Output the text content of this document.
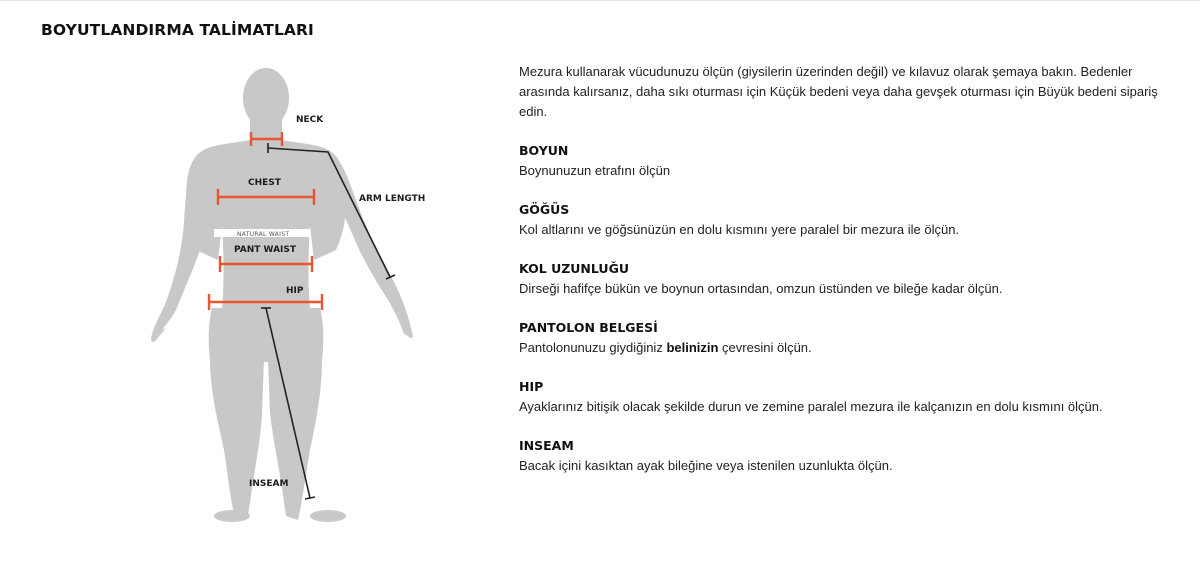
BOYUTLANDIRMA TALİMATLARI
NECK
CHEST
ARM LENGTH
NATURAL WAIST
PANT WAIST
HIP
INSEAM

Mezura kullanarak vücudunuzu ölçün (giysilerin üzerinden değil) ve kılavuz olarak şemaya bakın. Bedenler arasında kalırsanız, daha sıkı oturması için Küçük bedeni veya daha gevşek oturması için Büyük bedeni sipariş edin.

BOYUN

Boynunuzun etrafını ölçün

GÖĞÜS

Kol altlarını ve göğsünüzün en dolu kısmını yere paralel bir mezura ile ölçün.

KOL UZUNLUĞU

Dirseği hafifçe bükün ve boynun ortasından, omzun üstünden ve bileğe kadar ölçün.

PANTOLON BELGESİ

Pantolonunuzu giydiğiniz belinizin çevresini ölçün.

HIP

Ayaklarınız bitişik olacak şekilde durun ve zemine paralel mezura ile kalçanızın en dolu kısmını ölçün.

INSEAM

Bacak içini kasıktan ayak bileğine veya istenilen uzunlukta ölçün.
